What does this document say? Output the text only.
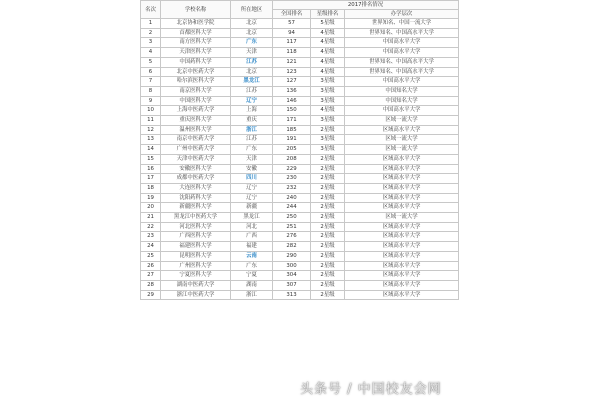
名次	学校名称	所在地区	2017排名情况		
			全国排名	星级排名	办学层次
1	北京协和医学院	北京	57	5星级	世界知名、中国一流大学
2	首都医科大学	北京	94	4星级	世界知名、中国高水平大学
3	南方医科大学	广东	117	4星级	中国高水平大学
4	天津医科大学	天津	118	4星级	中国高水平大学
5	中国药科大学	江苏	121	4星级	世界知名、中国高水平大学
6	北京中医药大学	北京	123	4星级	世界知名、中国高水平大学
7	哈尔滨医科大学	黑龙江	127	3星级	中国高水平大学
8	南京医科大学	江苏	136	3星级	中国知名大学
9	中国医科大学	辽宁	146	3星级	中国知名大学
10	上海中医药大学	上海	150	4星级	中国高水平大学
11	重庆医科大学	重庆	171	3星级	区域一流大学
12	温州医科大学	浙江	185	2星级	区域高水平大学
13	南京中医药大学	江苏	191	3星级	区域一流大学
14	广州中医药大学	广东	205	3星级	区域一流大学
15	天津中医药大学	天津	208	2星级	区域高水平大学
16	安徽医科大学	安徽	229	2星级	区域高水平大学
17	成都中医药大学	四川	230	2星级	区域高水平大学
18	大连医科大学	辽宁	232	2星级	区域高水平大学
19	沈阳药科大学	辽宁	240	2星级	区域高水平大学
20	新疆医科大学	新疆	244	2星级	区域高水平大学
21	黑龙江中医药大学	黑龙江	250	2星级	区域一流大学
22	河北医科大学	河北	251	2星级	区域高水平大学
23	广西医科大学	广西	276	2星级	区域高水平大学
24	福建医科大学	福建	282	2星级	区域高水平大学
25	昆明医科大学	云南	290	2星级	区域高水平大学
26	广州医科大学	广东	300	2星级	区域高水平大学
27	宁夏医科大学	宁夏	304	2星级	区域高水平大学
28	湖南中医药大学	湖南	307	2星级	区域高水平大学
29	浙江中医药大学	浙江	313	2星级	区域高水平大学
头条号 / 中国校友会网
